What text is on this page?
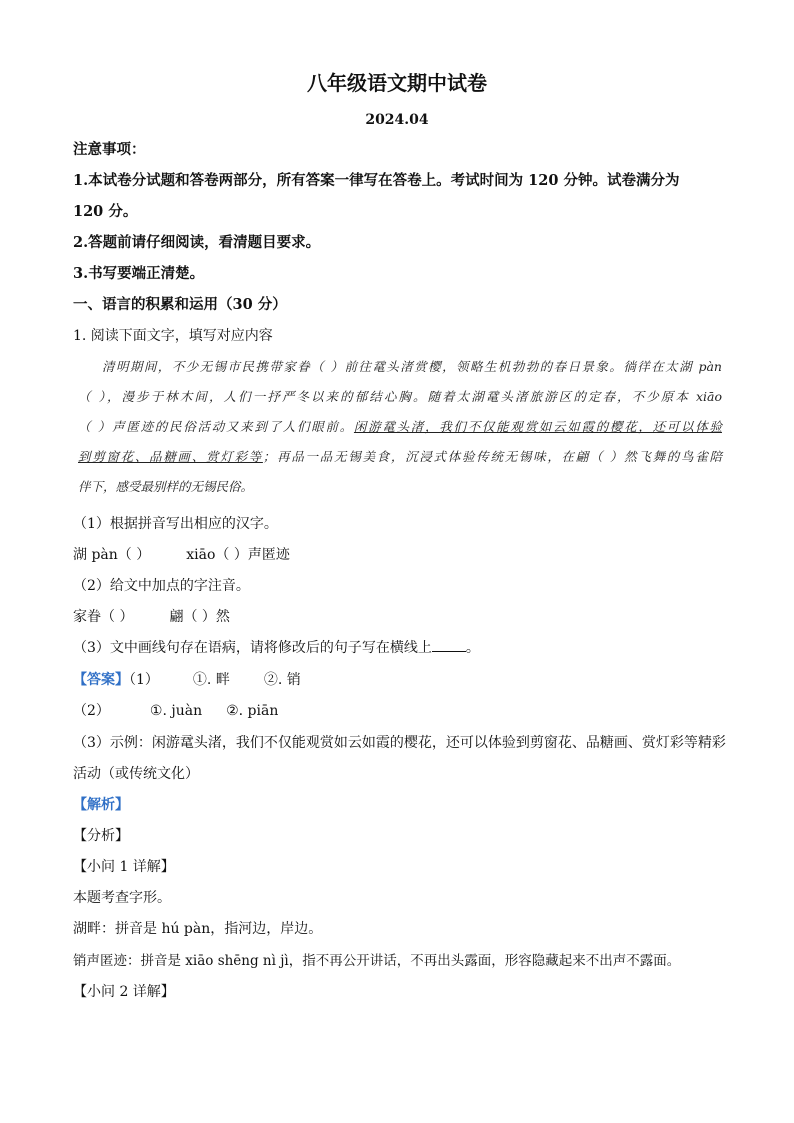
八年级语文期中试卷
2024.04
注意事项：
1.本试卷分试题和答卷两部分，所有答案一律写在答卷上。考试时间为 120 分钟。试卷满分为
120 分。
2.答题前请仔细阅读，看清题目要求。
3.书写要端正清楚。
一、语言的积累和运用（30 分）
1. 阅读下面文字，填写对应内容
清明期间，不少无锡市民携带家眷（ ）前往鼋头渚赏樱，领略生机勃勃的春日景象。徜徉在太湖 pàn
（ ），漫步于林木间，人们一抒严冬以来的郁结心胸。随着太湖鼋头渚旅游区的定春，不少原本 xiāo
（ ）声匿迹的民俗活动又来到了人们眼前。闲游鼋头渚，我们不仅能观赏如云如霞的樱花，还可以体验
到剪窗花、品糖画、赏灯彩等；再品一品无锡美食，沉浸式体验传统无锡味，在翩（ ）然飞舞的鸟雀陪
伴下，感受最别样的无锡民俗。
（1）根据拼音写出相应的汉字。
湖 pàn（ ）	xiāo（ ）声匿迹
（2）给文中加点的字注音。
家眷（ ）	翩（ ）然
（3）文中画线句存在语病，请将修改后的句子写在横线上 。
【答案】（1） ①. 畔 ②. 销
（2）	①. juàn ②. piān
（3）示例：闲游鼋头渚，我们不仅能观赏如云如霞的樱花，还可以体验到剪窗花、品糖画、赏灯彩等精彩
活动（或传统文化）
【解析】
【分析】
【小问 1 详解】
本题考查字形。
湖畔：拼音是 hú pàn，指河边，岸边。
销声匿迹：拼音是 xiāo shēng nì jì，指不再公开讲话，不再出头露面，形容隐藏起来不出声不露面。
【小问 2 详解】
